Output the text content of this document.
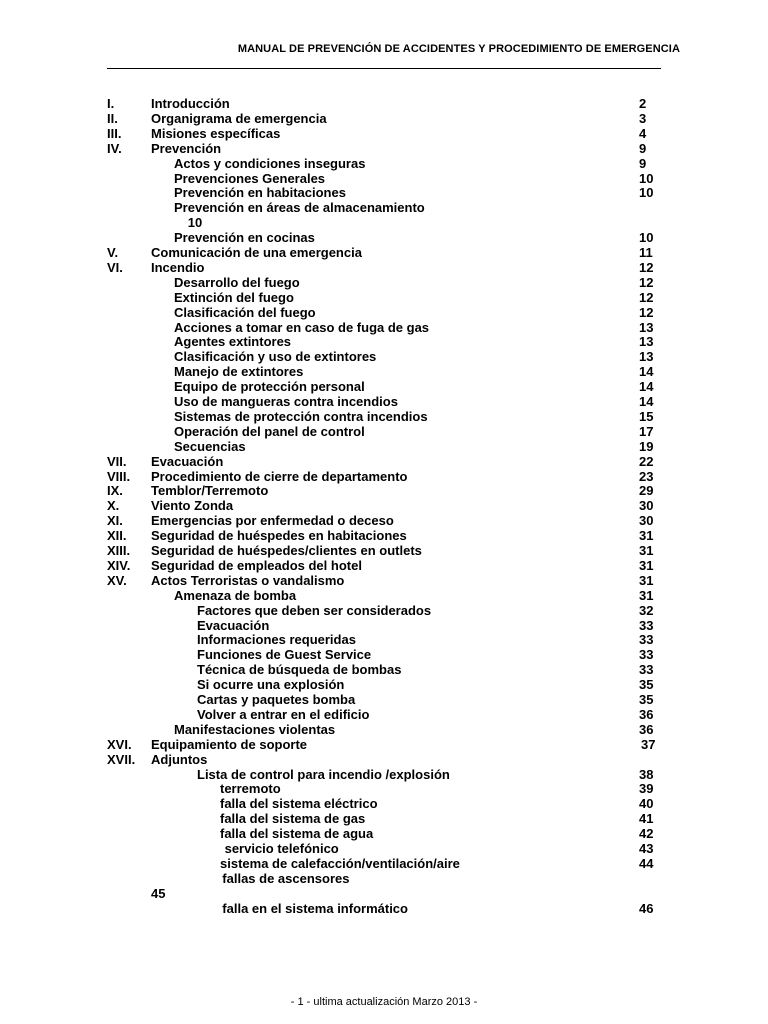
MANUAL DE PREVENCIÓN DE ACCIDENTES Y PROCEDIMIENTO DE EMERGENCIA
I.	Introducción	2
II.	Organigrama de emergencia	3
III. Misiones específicas	4
IV. Prevención	9
Actos y condiciones inseguras	9
Prevenciones Generales	10
Prevención en habitaciones	10
Prevención en áreas de almacenamiento
10
Prevención en cocinas	10
V.	Comunicación de una emergencia	11
VI. Incendio	12
Desarrollo del fuego	12
Extinción del fuego	12
Clasificación del fuego	12
Acciones a tomar en caso de fuga de gas	13
Agentes extintores	13
Clasificación y uso de extintores	13
Manejo de extintores	14
Equipo de protección personal	14
Uso de mangueras contra incendios	14
Sistemas de protección contra incendios	15
Operación del panel de control	17
Secuencias	19
VII. Evacuación	22
VIII. Procedimiento de cierre de departamento	23
IX. Temblor/Terremoto	29
X. Viento Zonda	30
XI. Emergencias por enfermedad o deceso	30
XII. Seguridad de huéspedes en habitaciones	31
XIII. Seguridad de huéspedes/clientes en outlets	31
XIV. Seguridad de empleados del hotel	31
XV. Actos Terroristas o vandalismo	31
Amenaza de bomba	31
Factores que deben ser considerados	32
Evacuación	33
Informaciones requeridas	33
Funciones de Guest Service	33
Técnica de búsqueda de bombas	33
Si ocurre una explosión	35
Cartas y paquetes bomba	35
Volver a entrar en el edificio	36
Manifestaciones violentas	36
XVI. Equipamiento de soporte	37
XVII. Adjuntos
Lista de control para incendio /explosión	38
terremoto	39
falla del sistema eléctrico	40
falla del sistema de gas	41
falla del sistema de agua	42
servicio telefónico	43
sistema de calefacción/ventilación/aire	44
fallas de ascensores
45
falla en el sistema informático	46
- 1 - ultima actualización Marzo 2013 -
